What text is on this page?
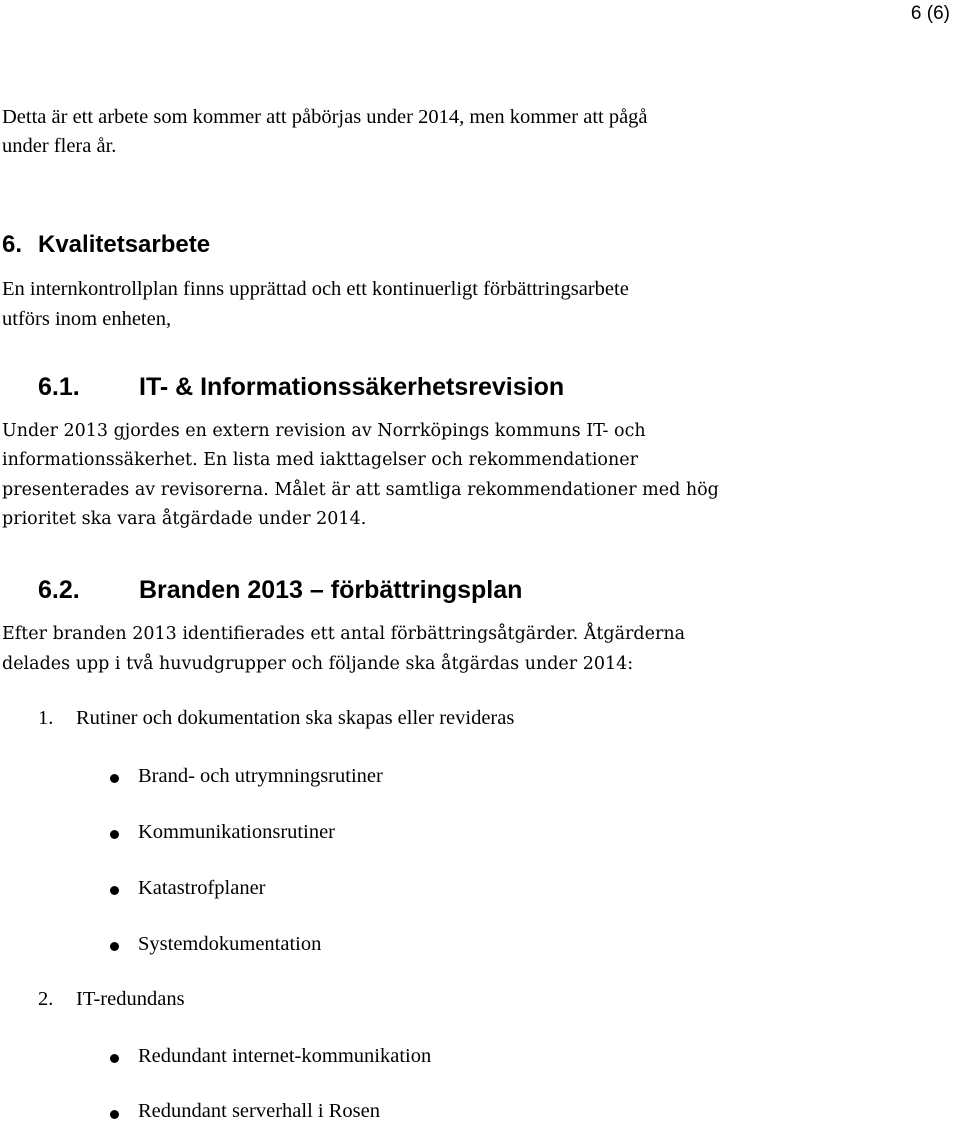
6 (6)
Detta är ett arbete som kommer att påbörjas under 2014, men kommer att pågå
under flera år.
6. Kvalitetsarbete
En internkontrollplan finns upprättad och ett kontinuerligt förbättringsarbete
utförs inom enheten,
6.1. IT- & Informationssäkerhetsrevision
Under 2013 gjordes en extern revision av Norrköpings kommuns IT- och
informationssäkerhet. En lista med iakttagelser och rekommendationer
presenterades av revisorerna. Målet är att samtliga rekommendationer med hög
prioritet ska vara åtgärdade under 2014.
6.2. Branden 2013 – förbättringsplan
Efter branden 2013 identifierades ett antal förbättringsåtgärder. Åtgärderna
delades upp i två huvudgrupper och följande ska åtgärdas under 2014:
1. Rutiner och dokumentation ska skapas eller revideras
Brand- och utrymningsrutiner
Kommunikationsrutiner
Katastrofplaner
Systemdokumentation
2. IT-redundans
Redundant internet-kommunikation
Redundant serverhall i Rosen
